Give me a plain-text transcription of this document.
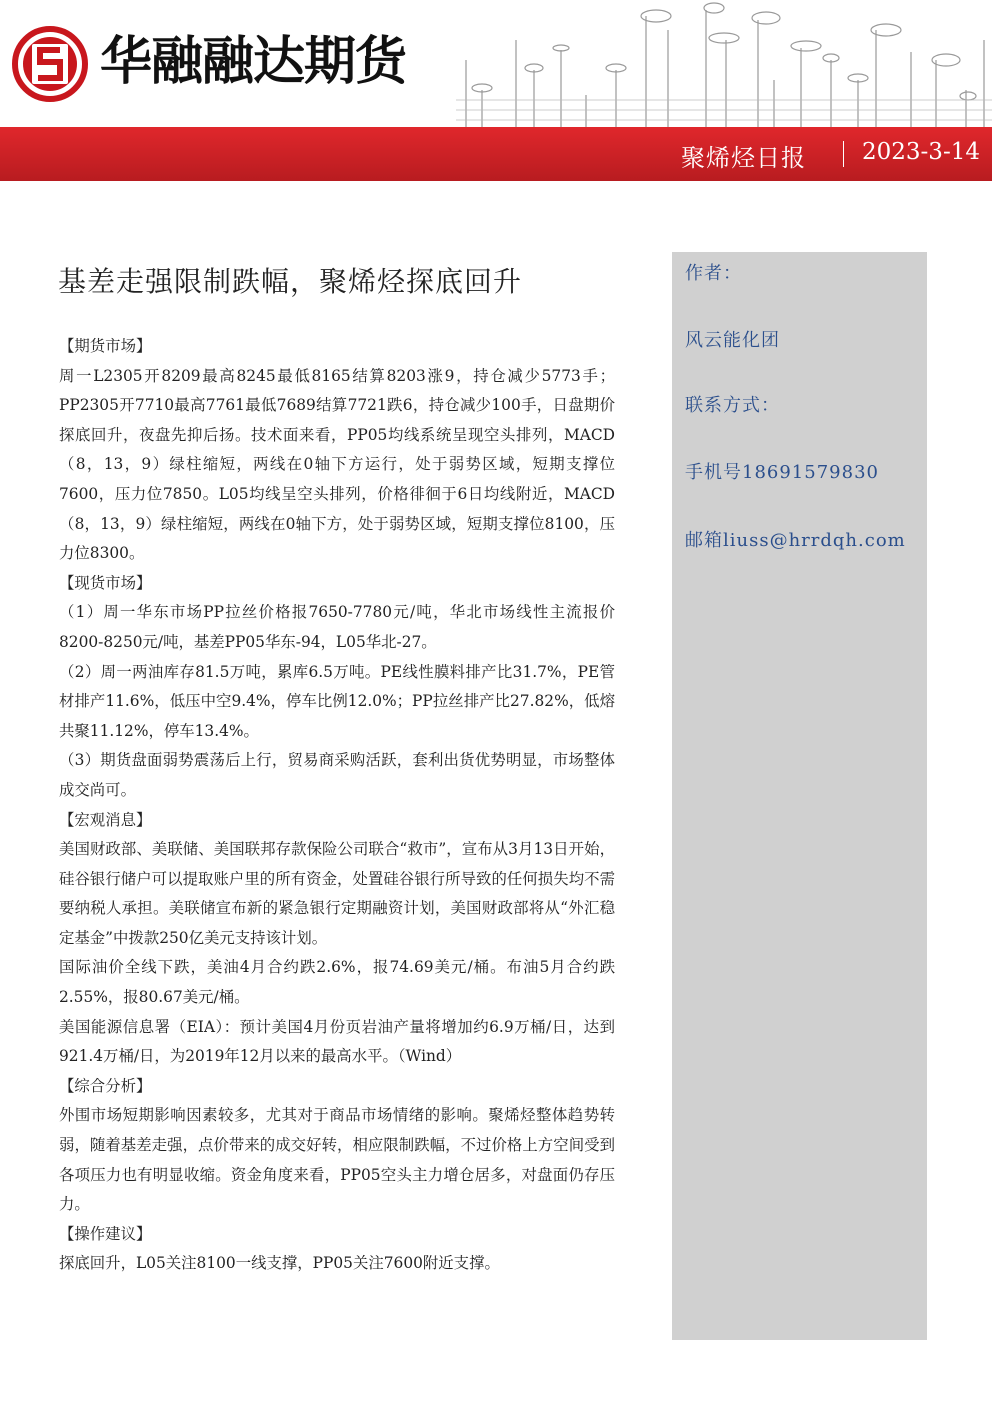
华融融达期货
聚烯烃日报 2023-3-14
基差走强限制跌幅，聚烯烃探底回升

【期货市场】

周一L2305开8209最高8245最低8165结算8203涨9，持仓减少5773手；PP2305开7710最高7761最低7689结算7721跌6，持仓减少100手，日盘期价探底回升，夜盘先抑后扬。技术面来看，PP05均线系统呈现空头排列，MACD（8，13，9）绿柱缩短，两线在0轴下方运行，处于弱势区域，短期支撑位7600，压力位7850。L05均线呈空头排列，价格徘徊于6日均线附近，MACD（8，13，9）绿柱缩短，两线在0轴下方，处于弱势区域，短期支撑位8100，压力位8300。

【现货市场】

（1）周一华东市场PP拉丝价格报7650-7780元/吨，华北市场线性主流报价8200-8250元/吨，基差PP05华东-94，L05华北-27。

（2）周一两油库存81.5万吨，累库6.5万吨。PE线性膜料排产比31.7%，PE管材排产11.6%，低压中空9.4%，停车比例12.0%；PP拉丝排产比27.82%，低熔共聚11.12%，停车13.4%。

（3）期货盘面弱势震荡后上行，贸易商采购活跃，套利出货优势明显，市场整体成交尚可。

【宏观消息】

美国财政部、美联储、美国联邦存款保险公司联合“救市”，宣布从3月13日开始，硅谷银行储户可以提取账户里的所有资金，处置硅谷银行所导致的任何损失均不需要纳税人承担。美联储宣布新的紧急银行定期融资计划，美国财政部将从“外汇稳定基金”中拨款250亿美元支持该计划。

国际油价全线下跌，美油4月合约跌2.6%，报74.69美元/桶。布油5月合约跌2.55%，报80.67美元/桶。

美国能源信息署（EIA）：预计美国4月份页岩油产量将增加约6.9万桶/日，达到921.4万桶/日，为2019年12月以来的最高水平。（Wind）

【综合分析】

外围市场短期影响因素较多，尤其对于商品市场情绪的影响。聚烯烃整体趋势转弱，随着基差走强，点价带来的成交好转，相应限制跌幅，不过价格上方空间受到各项压力也有明显收缩。资金角度来看，PP05空头主力增仓居多，对盘面仍存压力。

【操作建议】

探底回升，L05关注8100一线支撑，PP05关注7600附近支撑。

作者：
风云能化团
联系方式：
手机号18691579830
邮箱liuss@hrrdqh.com
